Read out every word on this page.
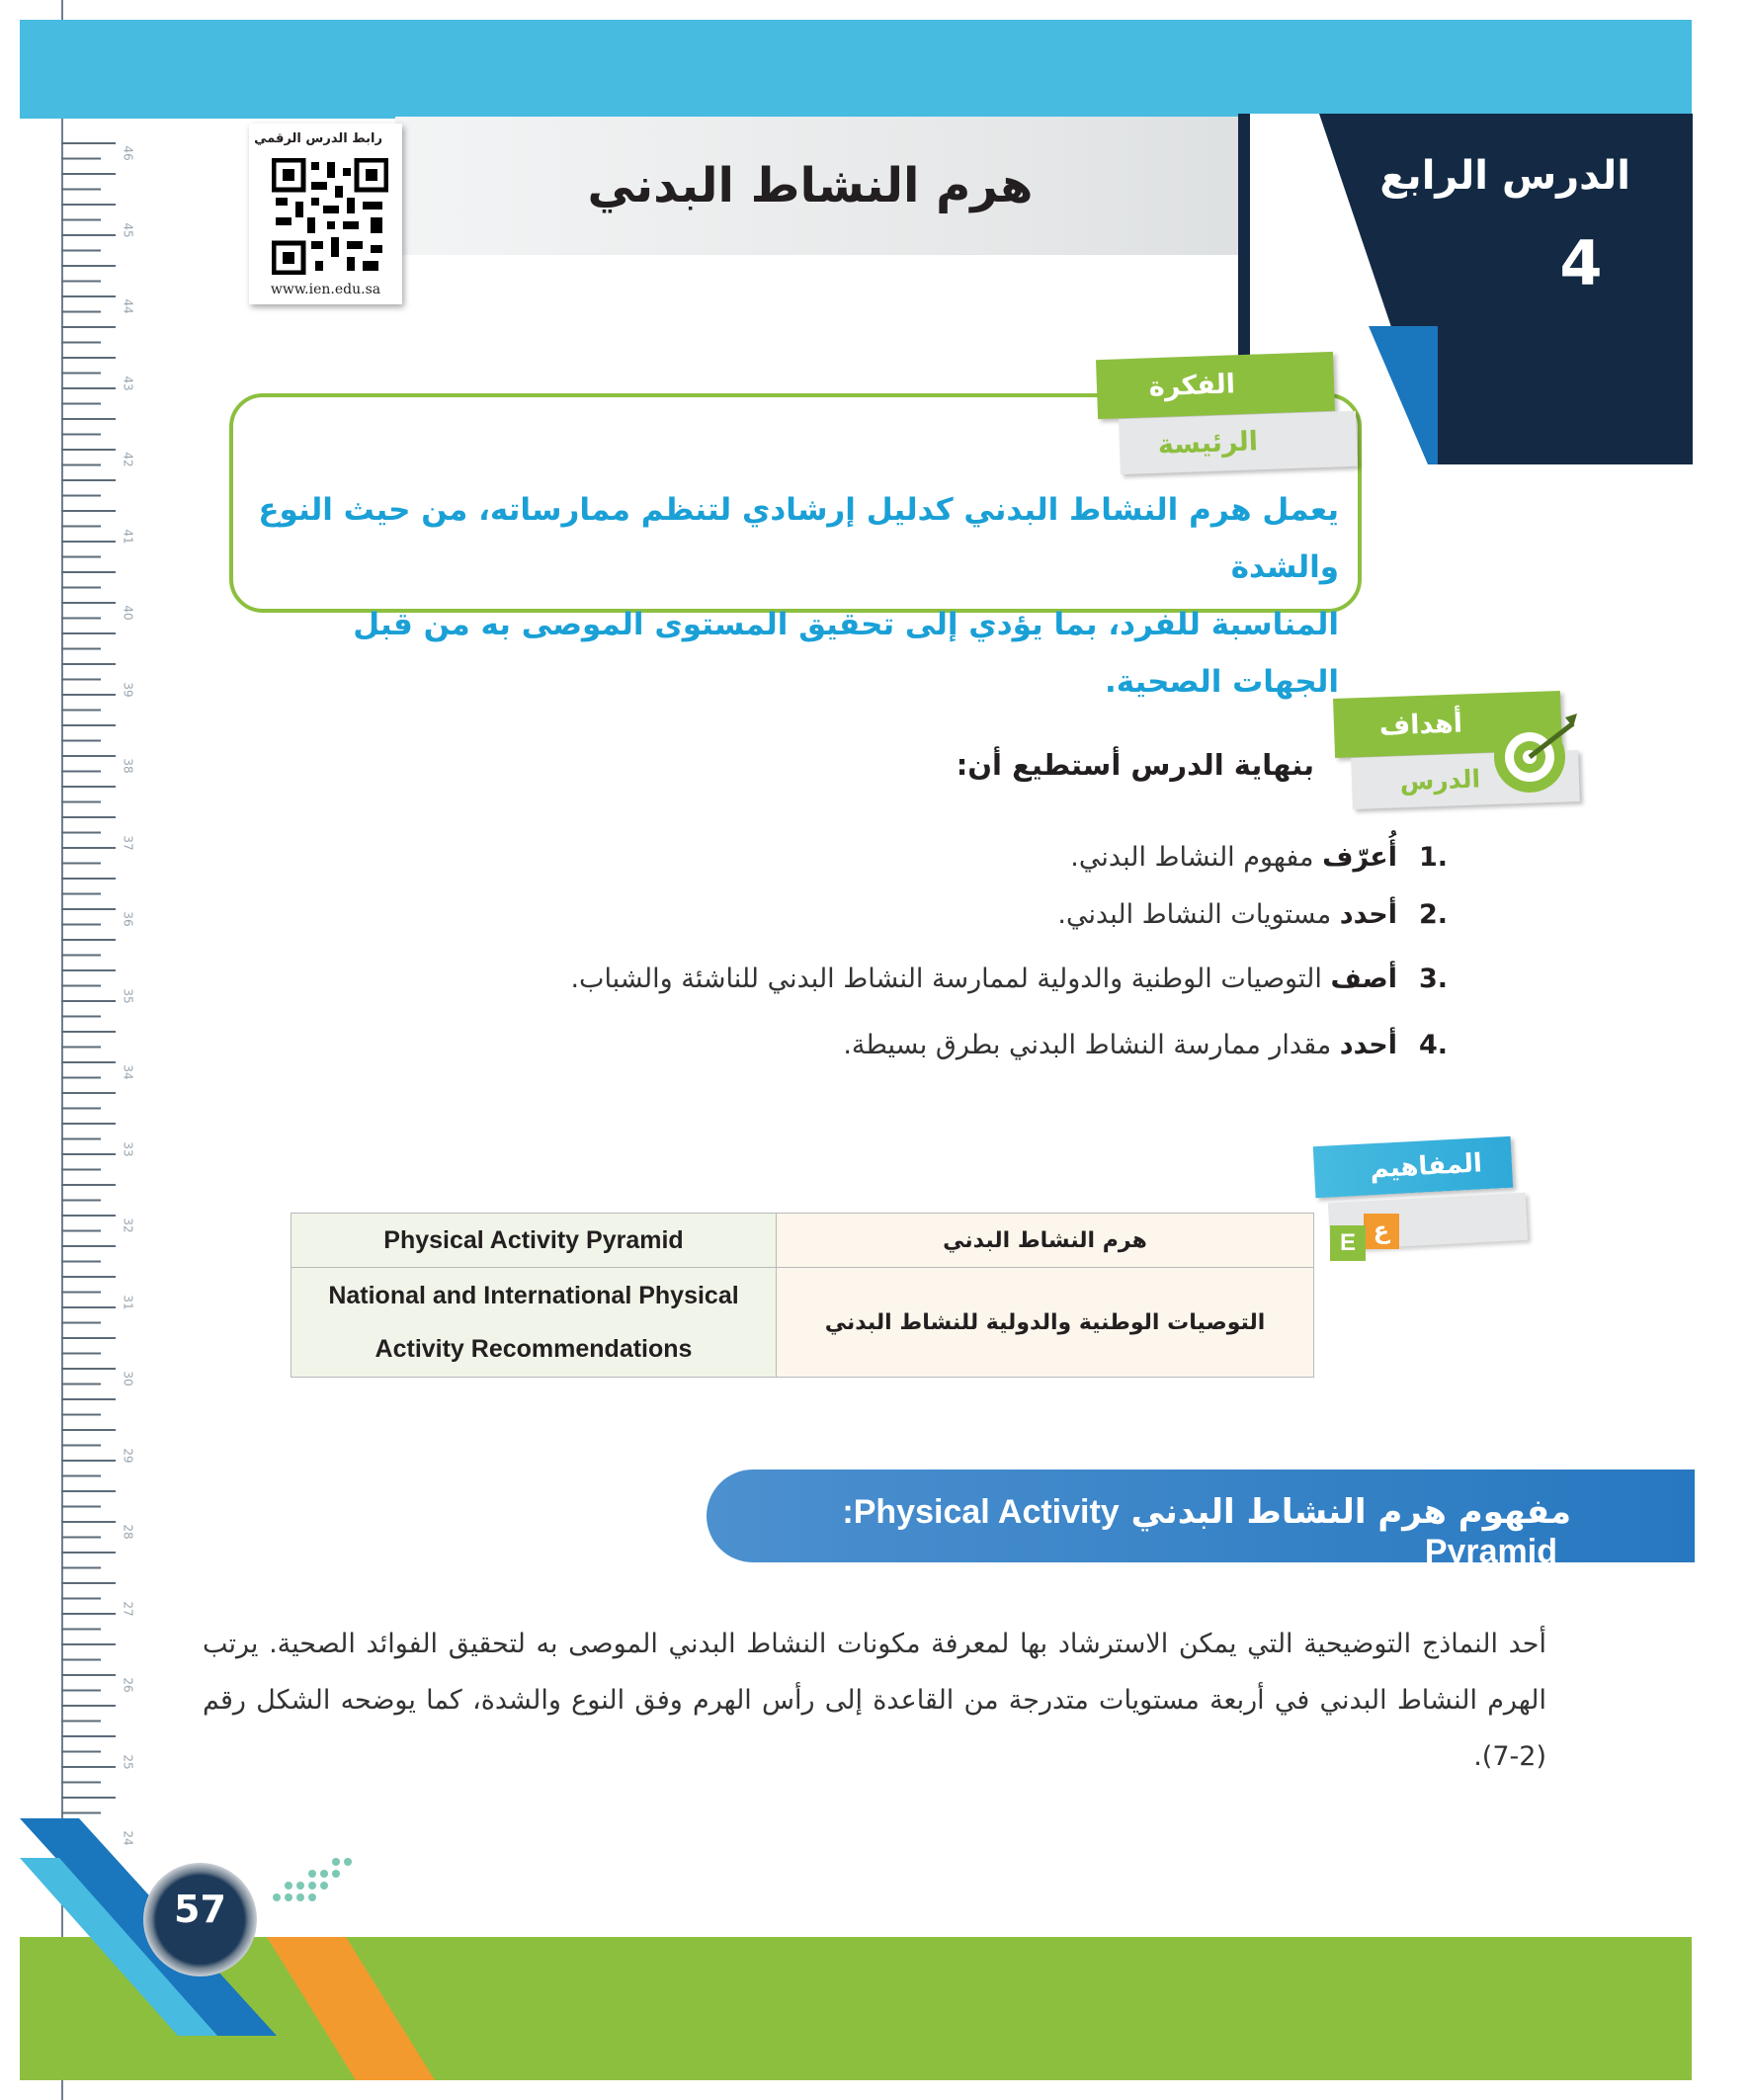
46
45
44
43
42
41
40
39
38
37
36
35
34
33
32
31
30
29
28
27
26
25
24
هرم النشاط البدني	الدرس الرابع
4
رابط الدرس الرقمي
www.ien.edu.sa
الفكرة
الرئيسة
يعمل هرم النشاط البدني كدليل إرشادي لتنظم ممارساته، من حيث النوع والشدة
المناسبة للفرد، بما يؤدي إلى تحقيق المستوى الموصى به من قبل الجهات الصحية.
أهداف
الدرس
بنهاية الدرس أستطيع أن:
1.أُعرّف مفهوم النشاط البدني.
2.أحدد مستويات النشاط البدني.
3.أصف التوصيات الوطنية والدولية لممارسة النشاط البدني للناشئة والشباب.
4.أحدد مقدار ممارسة النشاط البدني بطرق بسيطة.
المفاهيم
ع
E
Physical Activity Pyramid	هرم النشاط البدني

National and International Physical
Activity Recommendations	التوصيات الوطنية والدولية للنشاط البدني
مفهوم هرم النشاط البدني :Physical Activity Pyramid
أحد النماذج التوضيحية التي يمكن الاسترشاد بها لمعرفة مكونات النشاط البدني الموصى به لتحقيق الفوائد الصحية. يرتب الهرم النشاط البدني في أربعة مستويات متدرجة من القاعدة إلى رأس الهرم وفق النوع والشدة، كما يوضحه الشكل رقم (2-7).
57
